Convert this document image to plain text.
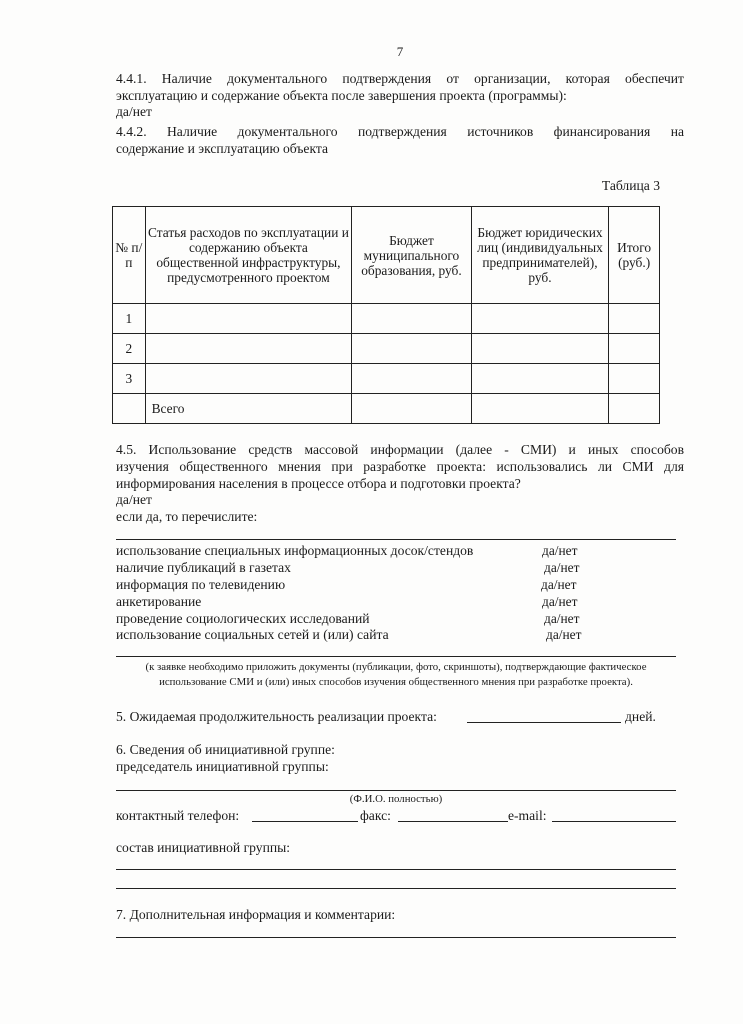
7
4.4.1. Наличие документального подтверждения от организации, которая обеспечит
эксплуатацию и содержание объекта после завершения проекта (программы):
да/нет
4.4.2. Наличие документального подтверждения источников финансирования на
содержание и эксплуатацию объекта
Таблица 3
№ п/п	Статья расходов по эксплуатации и содержанию объекта общественной инфраструктуры, предусмотренного проектом	Бюджет муниципального образования, руб.	Бюджет юридических лиц (индивидуальных предпринимателей), руб.	Итого (руб.)
1				
2				
3				
	Всего			
4.5. Использование средств массовой информации (далее - СМИ) и иных способов
изучения общественного мнения при разработке проекта: использовались ли СМИ для
информирования населения в процессе отбора и подготовки проекта?
да/нет
если да, то перечислите:
использование специальных информационных досок/стендов	да/нет
наличие публикаций в газетах	да/нет
информация по телевидению	да/нет
анкетирование	да/нет
проведение социологических исследований	да/нет
использование социальных сетей и (или) сайта	да/нет
(к заявке необходимо приложить документы (публикации, фото, скриншоты), подтверждающие фактическое
использование СМИ и (или) иных способов изучения общественного мнения при разработке проекта).
5. Ожидаемая продолжительность реализации проекта:	дней.
6. Сведения об инициативной группе:
председатель инициативной группы:
(Ф.И.О. полностью)
контактный телефон:	факс:	e-mail:
состав инициативной группы:
7. Дополнительная информация и комментарии:
